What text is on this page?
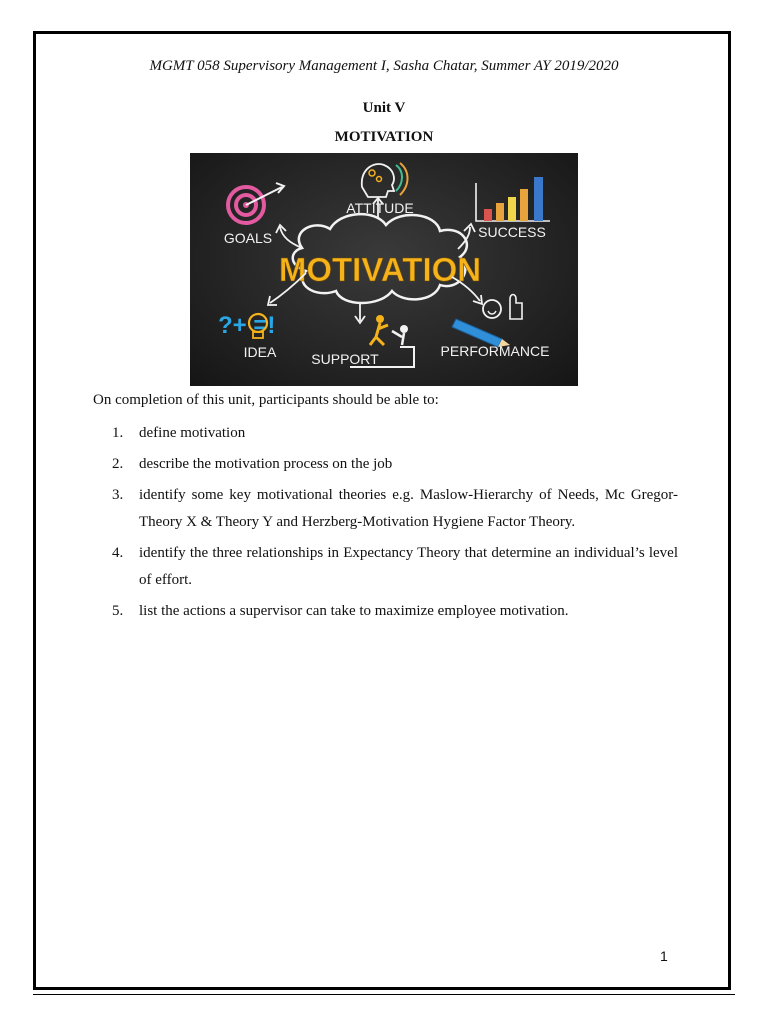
MGMT 058 Supervisory Management I, Sasha Chatar, Summer AY 2019/2020
Unit V
MOTIVATION
MOTIVATION
ATTITUDE
GOALS	SUCCESS
?+ =!
IDEA SUPPORT	PERFORMANCE
On completion of this unit, participants should be able to:
1.	define motivation
2.	describe the motivation process on the job
3.	identify some key motivational theories e.g. Maslow-Hierarchy of Needs, Mc Gregor-Theory X & Theory Y and Herzberg-Motivation Hygiene Factor Theory.
4.	identify the three relationships in Expectancy Theory that determine an individual’s level of effort.
5.	list the actions a supervisor can take to maximize employee motivation.
1
